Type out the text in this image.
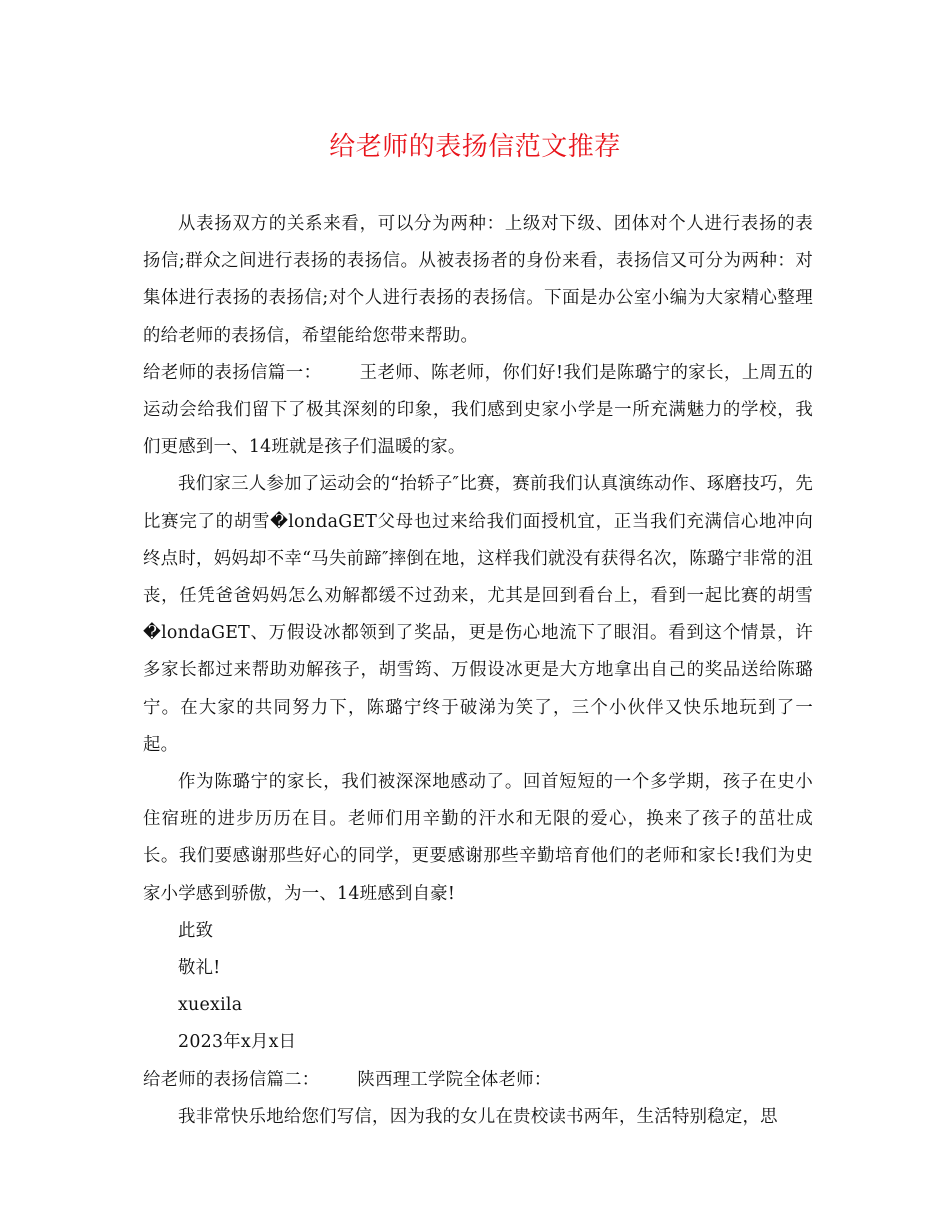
给老师的表扬信范文推荐

从表扬双方的关系来看，可以分为两种：上级对下级、团体对个人进行表扬的表扬信;群众之间进行表扬的表扬信。从被表扬者的身份来看，表扬信又可分为两种：对集体进行表扬的表扬信;对个人进行表扬的表扬信。下面是办公室小编为大家精心整理的给老师的表扬信，希望能给您带来帮助。

给老师的表扬信篇一： 王老师、陈老师，你们好!我们是陈璐宁的家长，上周五的运动会给我们留下了极其深刻的印象，我们感到史家小学是一所充满魅力的学校，我们更感到一、14班就是孩子们温暖的家。

我们家三人参加了运动会的“抬轿子″比赛，赛前我们认真演练动作、琢磨技巧，先比赛完了的胡雪�londaGET父母也过来给我们面授机宜，正当我们充满信心地冲向终点时，妈妈却不幸“马失前蹄″摔倒在地，这样我们就没有获得名次，陈璐宁非常的沮丧，任凭爸爸妈妈怎么劝解都缓不过劲来，尤其是回到看台上，看到一起比赛的胡雪�londaGET、万假设冰都领到了奖品，更是伤心地流下了眼泪。看到这个情景，许多家长都过来帮助劝解孩子，胡雪筠、万假设冰更是大方地拿出自己的奖品送给陈璐宁。在大家的共同努力下，陈璐宁终于破涕为笑了，三个小伙伴又快乐地玩到了一起。

作为陈璐宁的家长，我们被深深地感动了。回首短短的一个多学期，孩子在史小住宿班的进步历历在目。老师们用辛勤的汗水和无限的爱心，换来了孩子的茁壮成长。我们要感谢那些好心的同学，更要感谢那些辛勤培育他们的老师和家长!我们为史家小学感到骄傲，为一、14班感到自豪!

此致

敬礼!

xuexila

2023年x月x日

给老师的表扬信篇二： 陕西理工学院全体老师：

我非常快乐地给您们写信，因为我的女儿在贵校读书两年，生活特别稳定，思
